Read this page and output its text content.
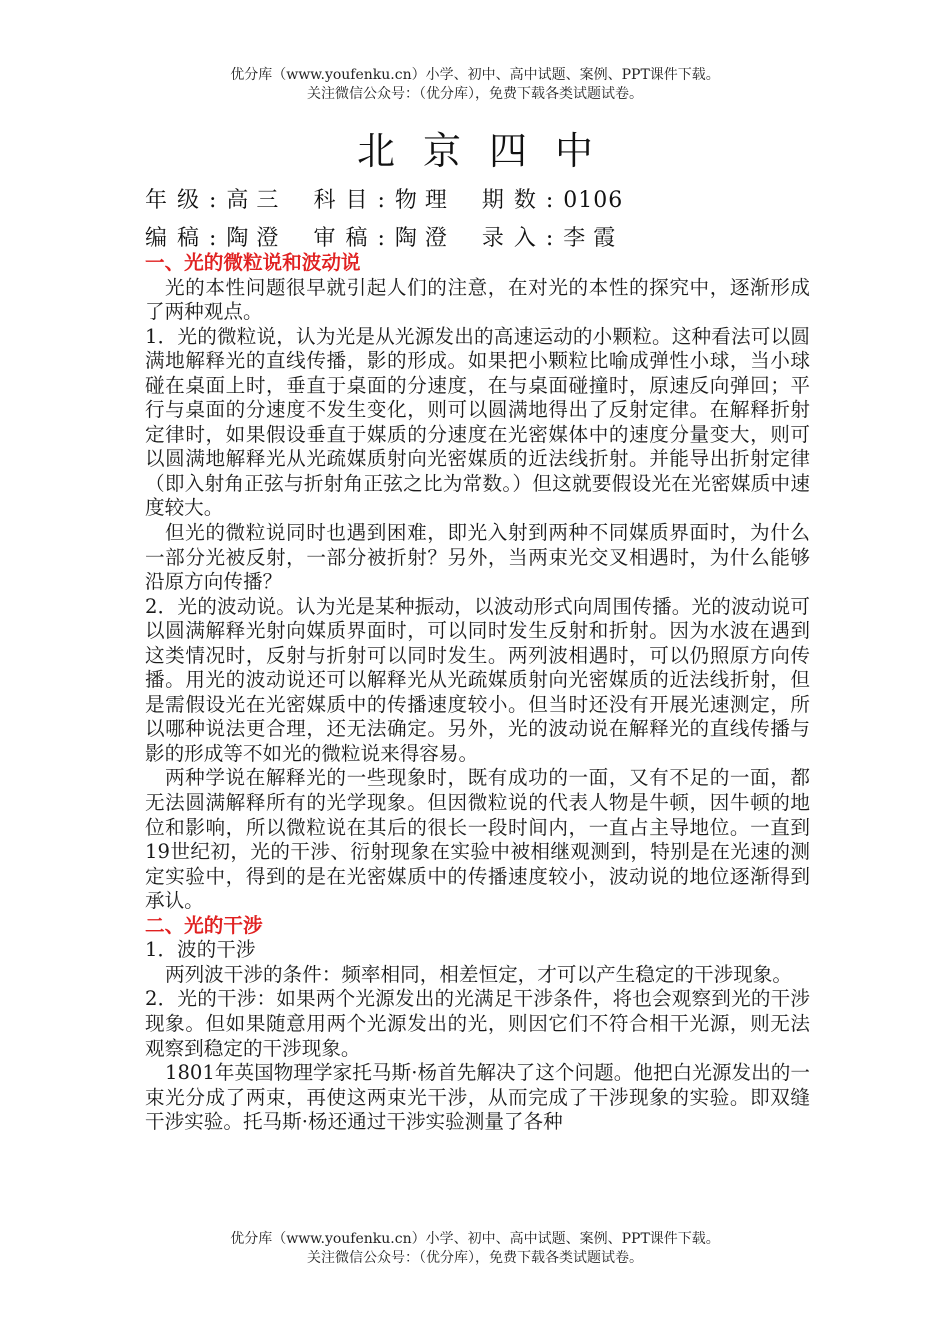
优分库（www.youfenku.cn）小学、初中、高中试题、案例、PPT课件下载。
关注微信公众号：（优分库），免费下载各类试题试卷。
北京四中
年级:高三 科目:物理 期数:0106
编稿:陶澄 审稿:陶澄 录入:李霞
一、光的微粒说和波动说

光的本性问题很早就引起人们的注意，在对光的本性的探究中，逐渐形成了两种观点。

1．光的微粒说，认为光是从光源发出的高速运动的小颗粒。这种看法可以圆满地解释光的直线传播，影的形成。如果把小颗粒比喻成弹性小球，当小球碰在桌面上时，垂直于桌面的分速度，在与桌面碰撞时，原速反向弹回；平行与桌面的分速度不发生变化，则可以圆满地得出了反射定律。在解释折射定律时，如果假设垂直于媒质的分速度在光密媒体中的速度分量变大，则可以圆满地解释光从光疏媒质射向光密媒质的近法线折射。并能导出折射定律（即入射角正弦与折射角正弦之比为常数。）但这就要假设光在光密媒质中速度较大。

但光的微粒说同时也遇到困难，即光入射到两种不同媒质界面时，为什么一部分光被反射，一部分被折射？另外，当两束光交叉相遇时，为什么能够沿原方向传播？

2．光的波动说。认为光是某种振动，以波动形式向周围传播。光的波动说可以圆满解释光射向媒质界面时，可以同时发生反射和折射。因为水波在遇到这类情况时，反射与折射可以同时发生。两列波相遇时，可以仍照原方向传播。用光的波动说还可以解释光从光疏媒质射向光密媒质的近法线折射，但是需假设光在光密媒质中的传播速度较小。但当时还没有开展光速测定，所以哪种说法更合理，还无法确定。另外，光的波动说在解释光的直线传播与影的形成等不如光的微粒说来得容易。

两种学说在解释光的一些现象时，既有成功的一面，又有不足的一面，都无法圆满解释所有的光学现象。但因微粒说的代表人物是牛顿，因牛顿的地位和影响，所以微粒说在其后的很长一段时间内，一直占主导地位。一直到19世纪初，光的干涉、衍射现象在实验中被相继观测到，特别是在光速的测定实验中，得到的是在光密媒质中的传播速度较小，波动说的地位逐渐得到承认。

二、光的干涉

1．波的干涉

两列波干涉的条件：频率相同，相差恒定，才可以产生稳定的干涉现象。

2．光的干涉：如果两个光源发出的光满足干涉条件，将也会观察到光的干涉现象。但如果随意用两个光源发出的光，则因它们不符合相干光源，则无法观察到稳定的干涉现象。

1801年英国物理学家托马斯·杨首先解决了这个问题。他把白光源发出的一束光分成了两束，再使这两束光干涉，从而完成了干涉现象的实验。即双缝干涉实验。托马斯·杨还通过干涉实验测量了各种

优分库（www.youfenku.cn）小学、初中、高中试题、案例、PPT课件下载。
关注微信公众号：（优分库），免费下载各类试题试卷。
